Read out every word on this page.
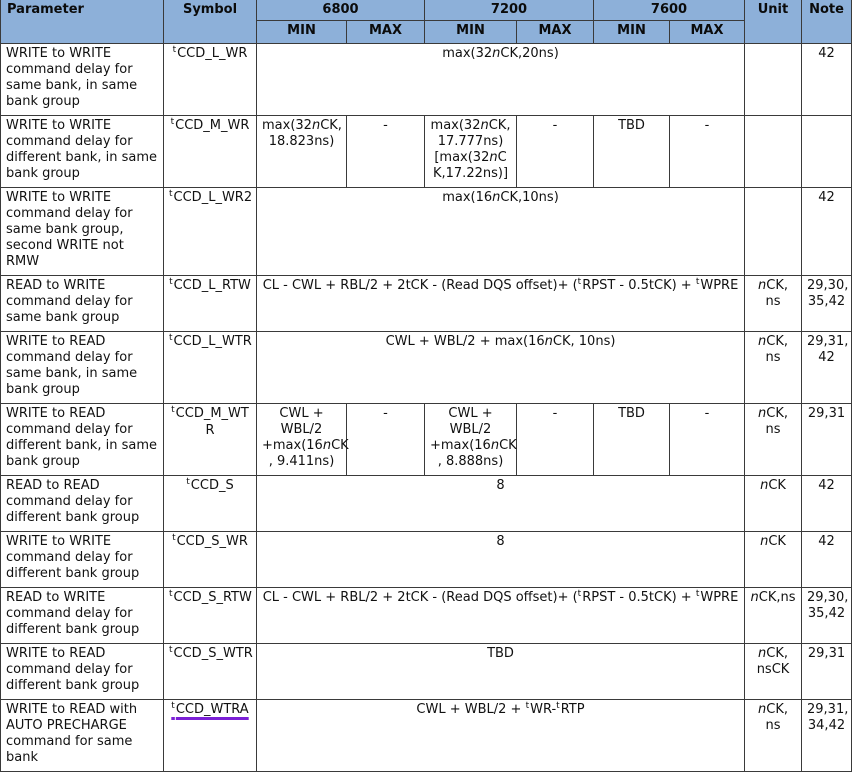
Parameter	Symbol	6800		7200		7600		Unit	Note
		MIN	MAX	MIN	MAX	MIN	MAX		
WRITE to WRITE command delay for same bank, in same bank group	$^t$CCD_L_WR	max(32nCK,20ns)							42
WRITE to WRITE command delay for different bank, in same bank group	$^t$CCD_M_WR	max(32nCK, 18.823ns)	-	max(32nCK, 17.777ns) [max(32nCK,17.22ns)]	-	TBD	-		
WRITE to WRITE command delay for same bank group, second WRITE not RMW	$^t$CCD_L_WR2	max(16nCK,10ns)							42
READ to WRITE command delay for same bank group	$^t$CCD_L_RTW	CL - CWL + RBL/2 + 2tCK - (Read DQS offset)+ ($^t$RPST - 0.5tCK) + $^t$WPRE						nCK, ns	29,30, 35,42
WRITE to READ command delay for same bank, in same bank group	$^t$CCD_L_WTR	CWL + WBL/2 + max(16nCK, 10ns)						nCK, ns	29,31, 42
WRITE to READ command delay for different bank, in same bank group	$^t$CCD_M_WTR	CWL + WBL/2 +max(16nCK , 9.411ns)	-	CWL + WBL/2 +max(16nCK , 8.888ns)	-	TBD	-	nCK, ns	29,31
READ to READ command delay for different bank group	$^t$CCD_S	8						nCK	42
WRITE to WRITE command delay for different bank group	$^t$CCD_S_WR	8						nCK	42
READ to WRITE command delay for different bank group	$^t$CCD_S_RTW	CL - CWL + RBL/2 + 2tCK - (Read DQS offset)+ ($^t$RPST - 0.5tCK) + $^t$WPRE						nCK,ns	29,30, 35,42
WRITE to READ command delay for different bank group	$^t$CCD_S_WTR	TBD						nCK, nsCK	29,31
WRITE to READ with AUTO PRECHARGE command for same bank	$^t$CCD_WTRA	CWL + WBL/2 + $^t$WR-$^t$RTP						nCK, ns	29,31, 34,42
